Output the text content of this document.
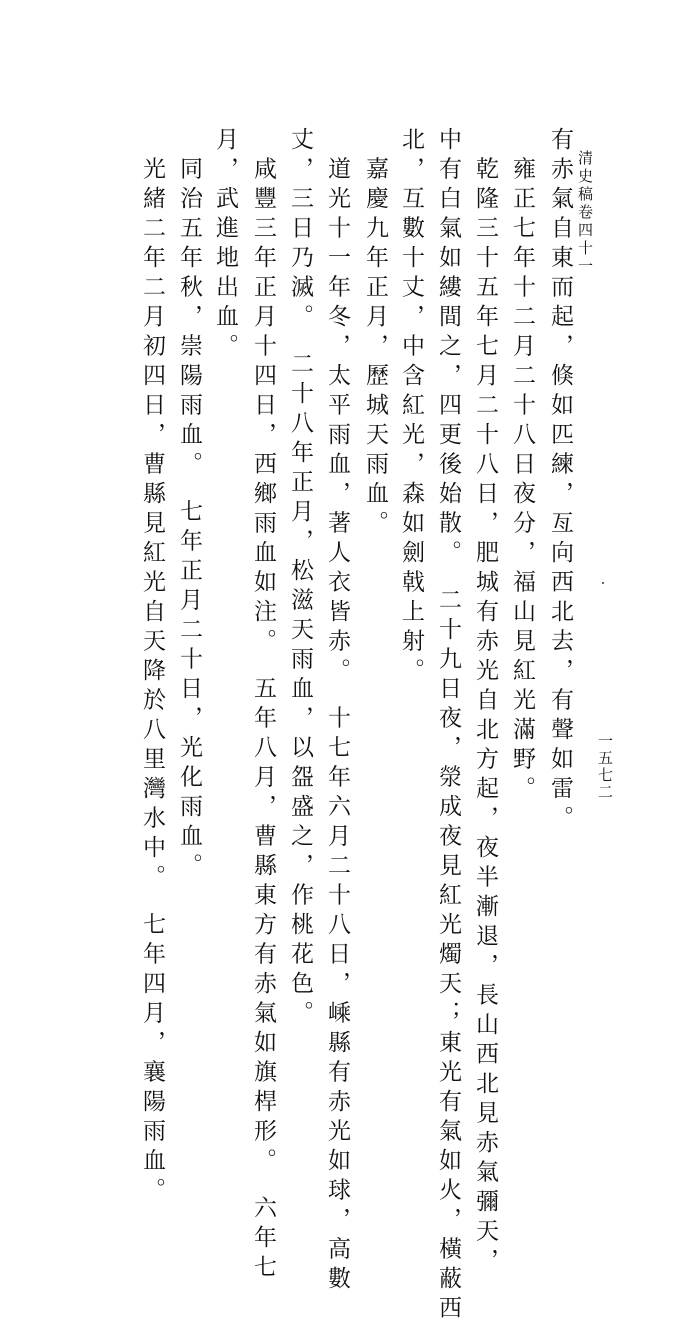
清史稿卷四十一
一五七二
有赤氣自東而起，倏如匹練，亙向西北去，有聲如雷。
　雍正七年十二月二十八日夜分，福山見紅光滿野。
　乾隆三十五年七月二十八日，肥城有赤光自北方起，夜半漸退，長山西北見赤氣彌天，
中有白氣如縷間之，四更後始散。　二十九日夜，滎成夜見紅光燭天；東光有氣如火，橫蔽西
北，互數十丈，中含紅光，森如劍戟上射。
　嘉慶九年正月，歷城天雨血。
　道光十一年冬，太平雨血，著人衣皆赤。　十七年六月二十八日，嵊縣有赤光如球，高數
丈，三日乃滅。　二十八年正月，松滋天雨血，以盌盛之，作桃花色。
　咸豐三年正月十四日，西鄉雨血如注。　五年八月，曹縣東方有赤氣如旗桿形。　六年七
月，武進地出血。
　同治五年秋，崇陽雨血。　七年正月二十日，光化雨血。
　光緒二年二月初四日，曹縣見紅光自天降於八里灣水中。　七年四月，襄陽雨血。
